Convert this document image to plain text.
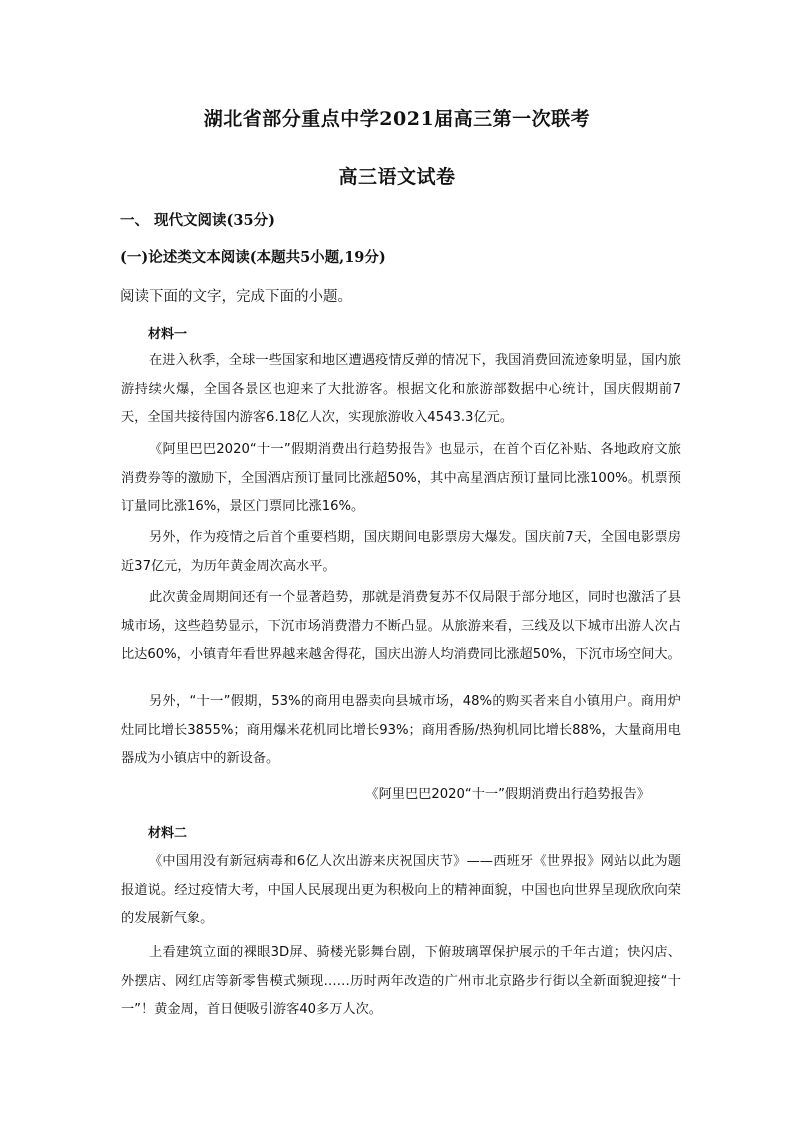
湖北省部分重点中学2021届高三第一次联考
高三语文试卷
一、 现代文阅读(35分)
(一)论述类文本阅读(本题共5小题,19分)
阅读下面的文字，完成下面的小题。
材料一

在进入秋季，全球一些国家和地区遭遇疫情反弹的情况下，我国消费回流迹象明显，国内旅游持续火爆，全国各景区也迎来了大批游客。根据文化和旅游部数据中心统计，国庆假期前7天，全国共接待国内游客6.18亿人次，实现旅游收入4543.3亿元。

《阿里巴巴2020“十一”假期消费出行趋势报告》也显示，在首个百亿补贴、各地政府文旅消费券等的激励下，全国酒店预订量同比涨超50%，其中高星酒店预订量同比涨100%。机票预订量同比涨16%，景区门票同比涨16%。

另外，作为疫情之后首个重要档期，国庆期间电影票房大爆发。国庆前7天，全国电影票房近37亿元，为历年黄金周次高水平。

此次黄金周期间还有一个显著趋势，那就是消费复苏不仅局限于部分地区，同时也激活了县城市场，这些趋势显示，下沉市场消费潜力不断凸显。从旅游来看，三线及以下城市出游人次占比达60%，小镇青年看世界越来越舍得花，国庆出游人均消费同比涨超50%，下沉市场空间大。

另外，“十一”假期，53%的商用电器卖向县城市场，48%的购买者来自小镇用户。商用炉灶同比增长3855%；商用爆米花机同比增长93%；商用香肠/热狗机同比增长88%，大量商用电器成为小镇店中的新设备。

《阿里巴巴2020“十一”假期消费出行趋势报告》
材料二

《中国用没有新冠病毒和6亿人次出游来庆祝国庆节》——西班牙《世界报》网站以此为题报道说。经过疫情大考，中国人民展现出更为积极向上的精神面貌，中国也向世界呈现欣欣向荣的发展新气象。

上看建筑立面的裸眼3D屏、骑楼光影舞台剧，下俯玻璃罩保护展示的千年古道；快闪店、外摆店、网红店等新零售模式频现……历时两年改造的广州市北京路步行街以全新面貌迎接“十一”！黄金周，首日便吸引游客40多万人次。
